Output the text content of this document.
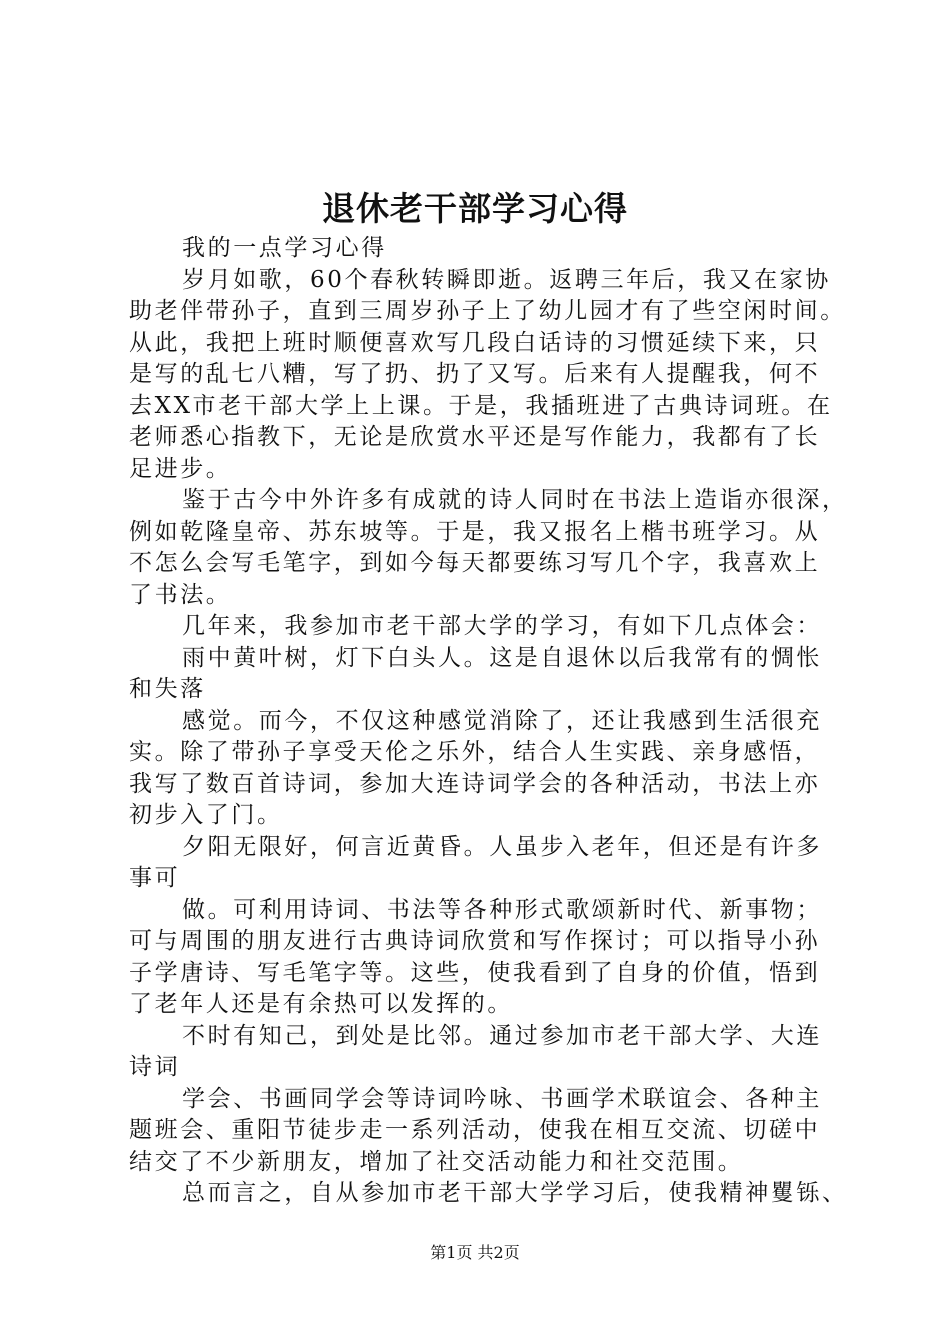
退休老干部学习心得
我的一点学习心得
岁月如歌，60个春秋转瞬即逝。返聘三年后，我又在家协
助老伴带孙子，直到三周岁孙子上了幼儿园才有了些空闲时间。
从此，我把上班时顺便喜欢写几段白话诗的习惯延续下来，只
是写的乱七八糟，写了扔、扔了又写。后来有人提醒我，何不
去XX市老干部大学上上课。于是，我插班进了古典诗词班。在
老师悉心指教下，无论是欣赏水平还是写作能力，我都有了长
足进步。
鉴于古今中外许多有成就的诗人同时在书法上造诣亦很深，
例如乾隆皇帝、苏东坡等。于是，我又报名上楷书班学习。从
不怎么会写毛笔字，到如今每天都要练习写几个字，我喜欢上
了书法。
几年来，我参加市老干部大学的学习，有如下几点体会：
雨中黄叶树，灯下白头人。这是自退休以后我常有的惆怅
和失落
感觉。而今，不仅这种感觉消除了，还让我感到生活很充
实。除了带孙子享受天伦之乐外，结合人生实践、亲身感悟，
我写了数百首诗词，参加大连诗词学会的各种活动，书法上亦
初步入了门。
夕阳无限好，何言近黄昏。人虽步入老年，但还是有许多
事可
做。可利用诗词、书法等各种形式歌颂新时代、新事物；
可与周围的朋友进行古典诗词欣赏和写作探讨；可以指导小孙
子学唐诗、写毛笔字等。这些，使我看到了自身的价值，悟到
了老年人还是有余热可以发挥的。
不时有知己，到处是比邻。通过参加市老干部大学、大连
诗词
学会、书画同学会等诗词吟咏、书画学术联谊会、各种主
题班会、重阳节徒步走一系列活动，使我在相互交流、切磋中
结交了不少新朋友，增加了社交活动能力和社交范围。
总而言之，自从参加市老干部大学学习后，使我精神矍铄、
第1页 共2页
